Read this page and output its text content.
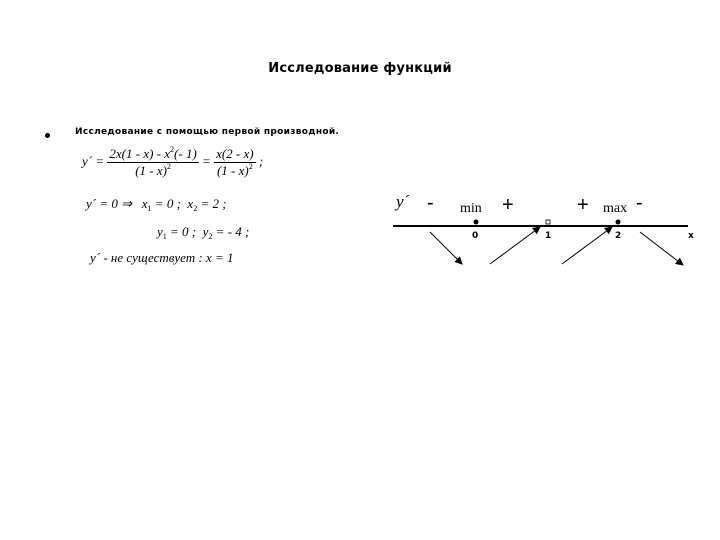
Исследование функций
Исследование с помощью первой производной.
y´ = $\frac{2x(1 - x) - x^2(- 1)}{(1 - x)^2} = \frac{x(2 - x)}{(1 - x)^2}$ ;
y´ = 0 ⇒ $x_1 = 0$ ; $x_2 = 2$ ;
$y_1 = 0$ ; $y_2$ = - 4 ;
y´ - не существует : x = 1
y´ - min +	+ max -
0	1	2	x
